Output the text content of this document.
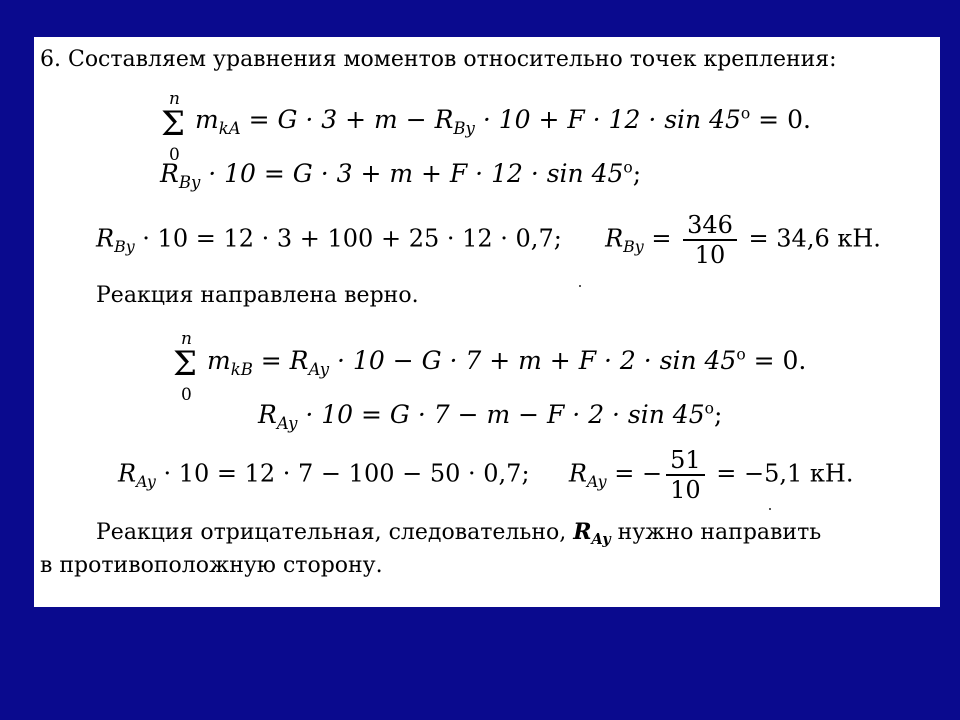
6. Составляем уравнения моментов относительно точек крепления:
n
Σ
0
$m_{kA} = G \cdot 3 + m - R_{By} \cdot 10 + F \cdot 12 \cdot \sin 45^o = 0$.
$R_{By} \cdot 10 = G \cdot 3 + m + F \cdot 12 \cdot \sin 45^o$;
$R_{By} \cdot 10 = 12 \cdot 3 + 100 + 25 \cdot 12 \cdot 0,7$; $R_{By} = \frac{346}{10} = 34,6$ кН.
Реакция направлена верно.
n
Σ
0
$m_{kB} = R_{Ay} \cdot 10 - G \cdot 7 + m + F \cdot 2 \cdot \sin 45^o = 0$.
$R_{Ay} \cdot 10 = G \cdot 7 - m - F \cdot 2 \cdot \sin 45^o$;
$R_{Ay} \cdot 10 = 12 \cdot 7 - 100 - 50 \cdot 0,7$; $R_{Ay}$ = − $\frac{51}{10} = -5,1$ кН.
Реакция отрицательная, следовательно, $R_{Ay}$ нужно направить
в противоположную сторону.
